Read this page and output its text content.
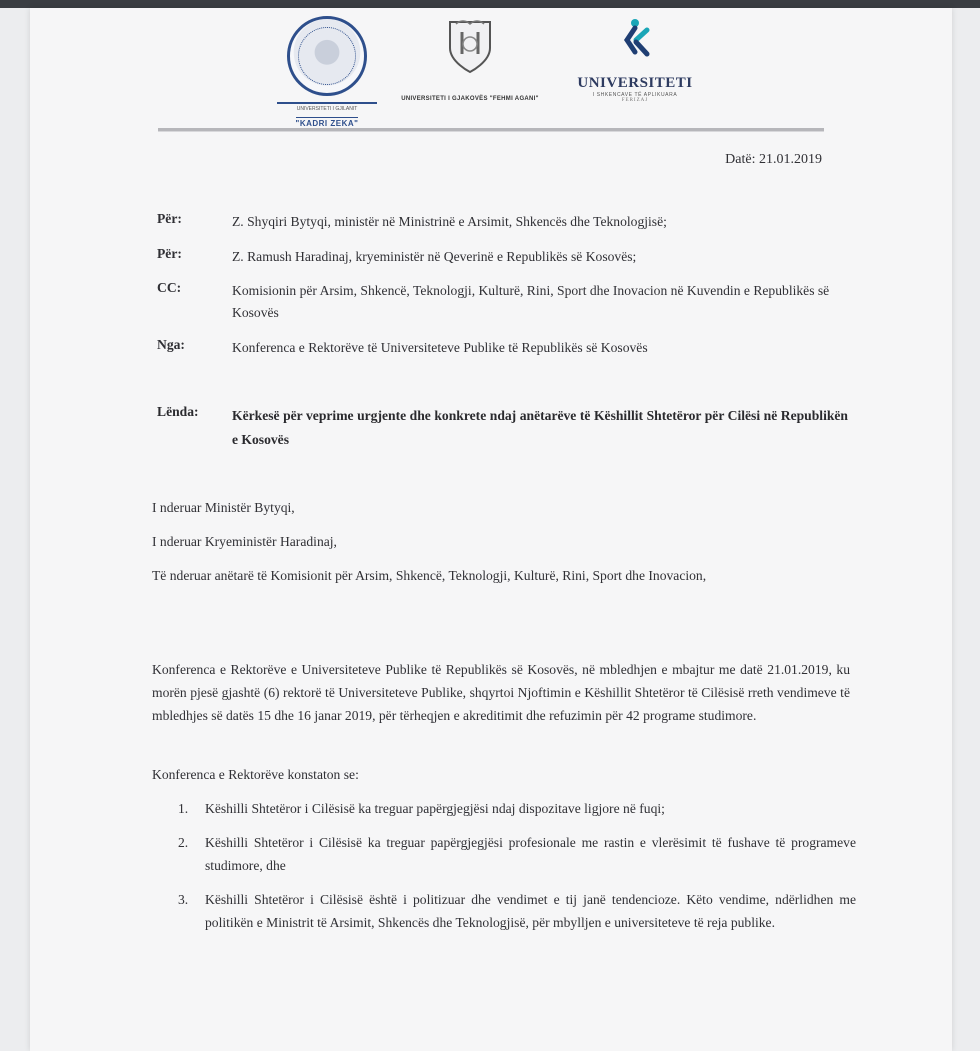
UNIVERSITETI I GJILANIT
"KADRI ZEKA"
UNIVERSITETI I GJAKOVËS "FEHMI AGANI"
UNIVERSITETI
I SHKENCAVE TË APLIKUARA
FERIZAJ
Datë: 21.01.2019
Për:	Z. Shyqiri Bytyqi, ministër në Ministrinë e Arsimit, Shkencës dhe Teknologjisë;
Për:	Z. Ramush Haradinaj, kryeministër në Qeverinë e Republikës së Kosovës;
CC:	Komisionin për Arsim, Shkencë, Teknologji, Kulturë, Rini, Sport dhe Inovacion në Kuvendin e Republikës së Kosovës
Nga:	Konferenca e Rektorëve të Universiteteve Publike të Republikës së Kosovës
Lënda: Kërkesë për veprime urgjente dhe konkrete ndaj anëtarëve të Këshillit Shtetëror për Cilësi në Republikën e Kosovës
I nderuar Ministër Bytyqi,
I nderuar Kryeministër Haradinaj,
Të nderuar anëtarë të Komisionit për Arsim, Shkencë, Teknologji, Kulturë, Rini, Sport dhe Inovacion,
Konferenca e Rektorëve e Universiteteve Publike të Republikës së Kosovës, në mbledhjen e mbajtur me datë 21.01.2019, ku morën pjesë gjashtë (6) rektorë të Universiteteve Publike, shqyrtoi Njoftimin e Këshillit Shtetëror të Cilësisë rreth vendimeve të mbledhjes së datës 15 dhe 16 janar 2019, për tërheqjen e akreditimit dhe refuzimin për 42 programe studimore.
Konferenca e Rektorëve konstaton se:
1. Këshilli Shtetëror i Cilësisë ka treguar papërgjegjësi ndaj dispozitave ligjore në fuqi;
2. Këshilli Shtetëror i Cilësisë ka treguar papërgjegjësi profesionale me rastin e vlerësimit të fushave të programeve studimore, dhe
3. Këshilli Shtetëror i Cilësisë është i politizuar dhe vendimet e tij janë tendencioze. Këto vendime, ndërlidhen me politikën e Ministrit të Arsimit, Shkencës dhe Teknologjisë, për mbylljen e universiteteve të reja publike.
